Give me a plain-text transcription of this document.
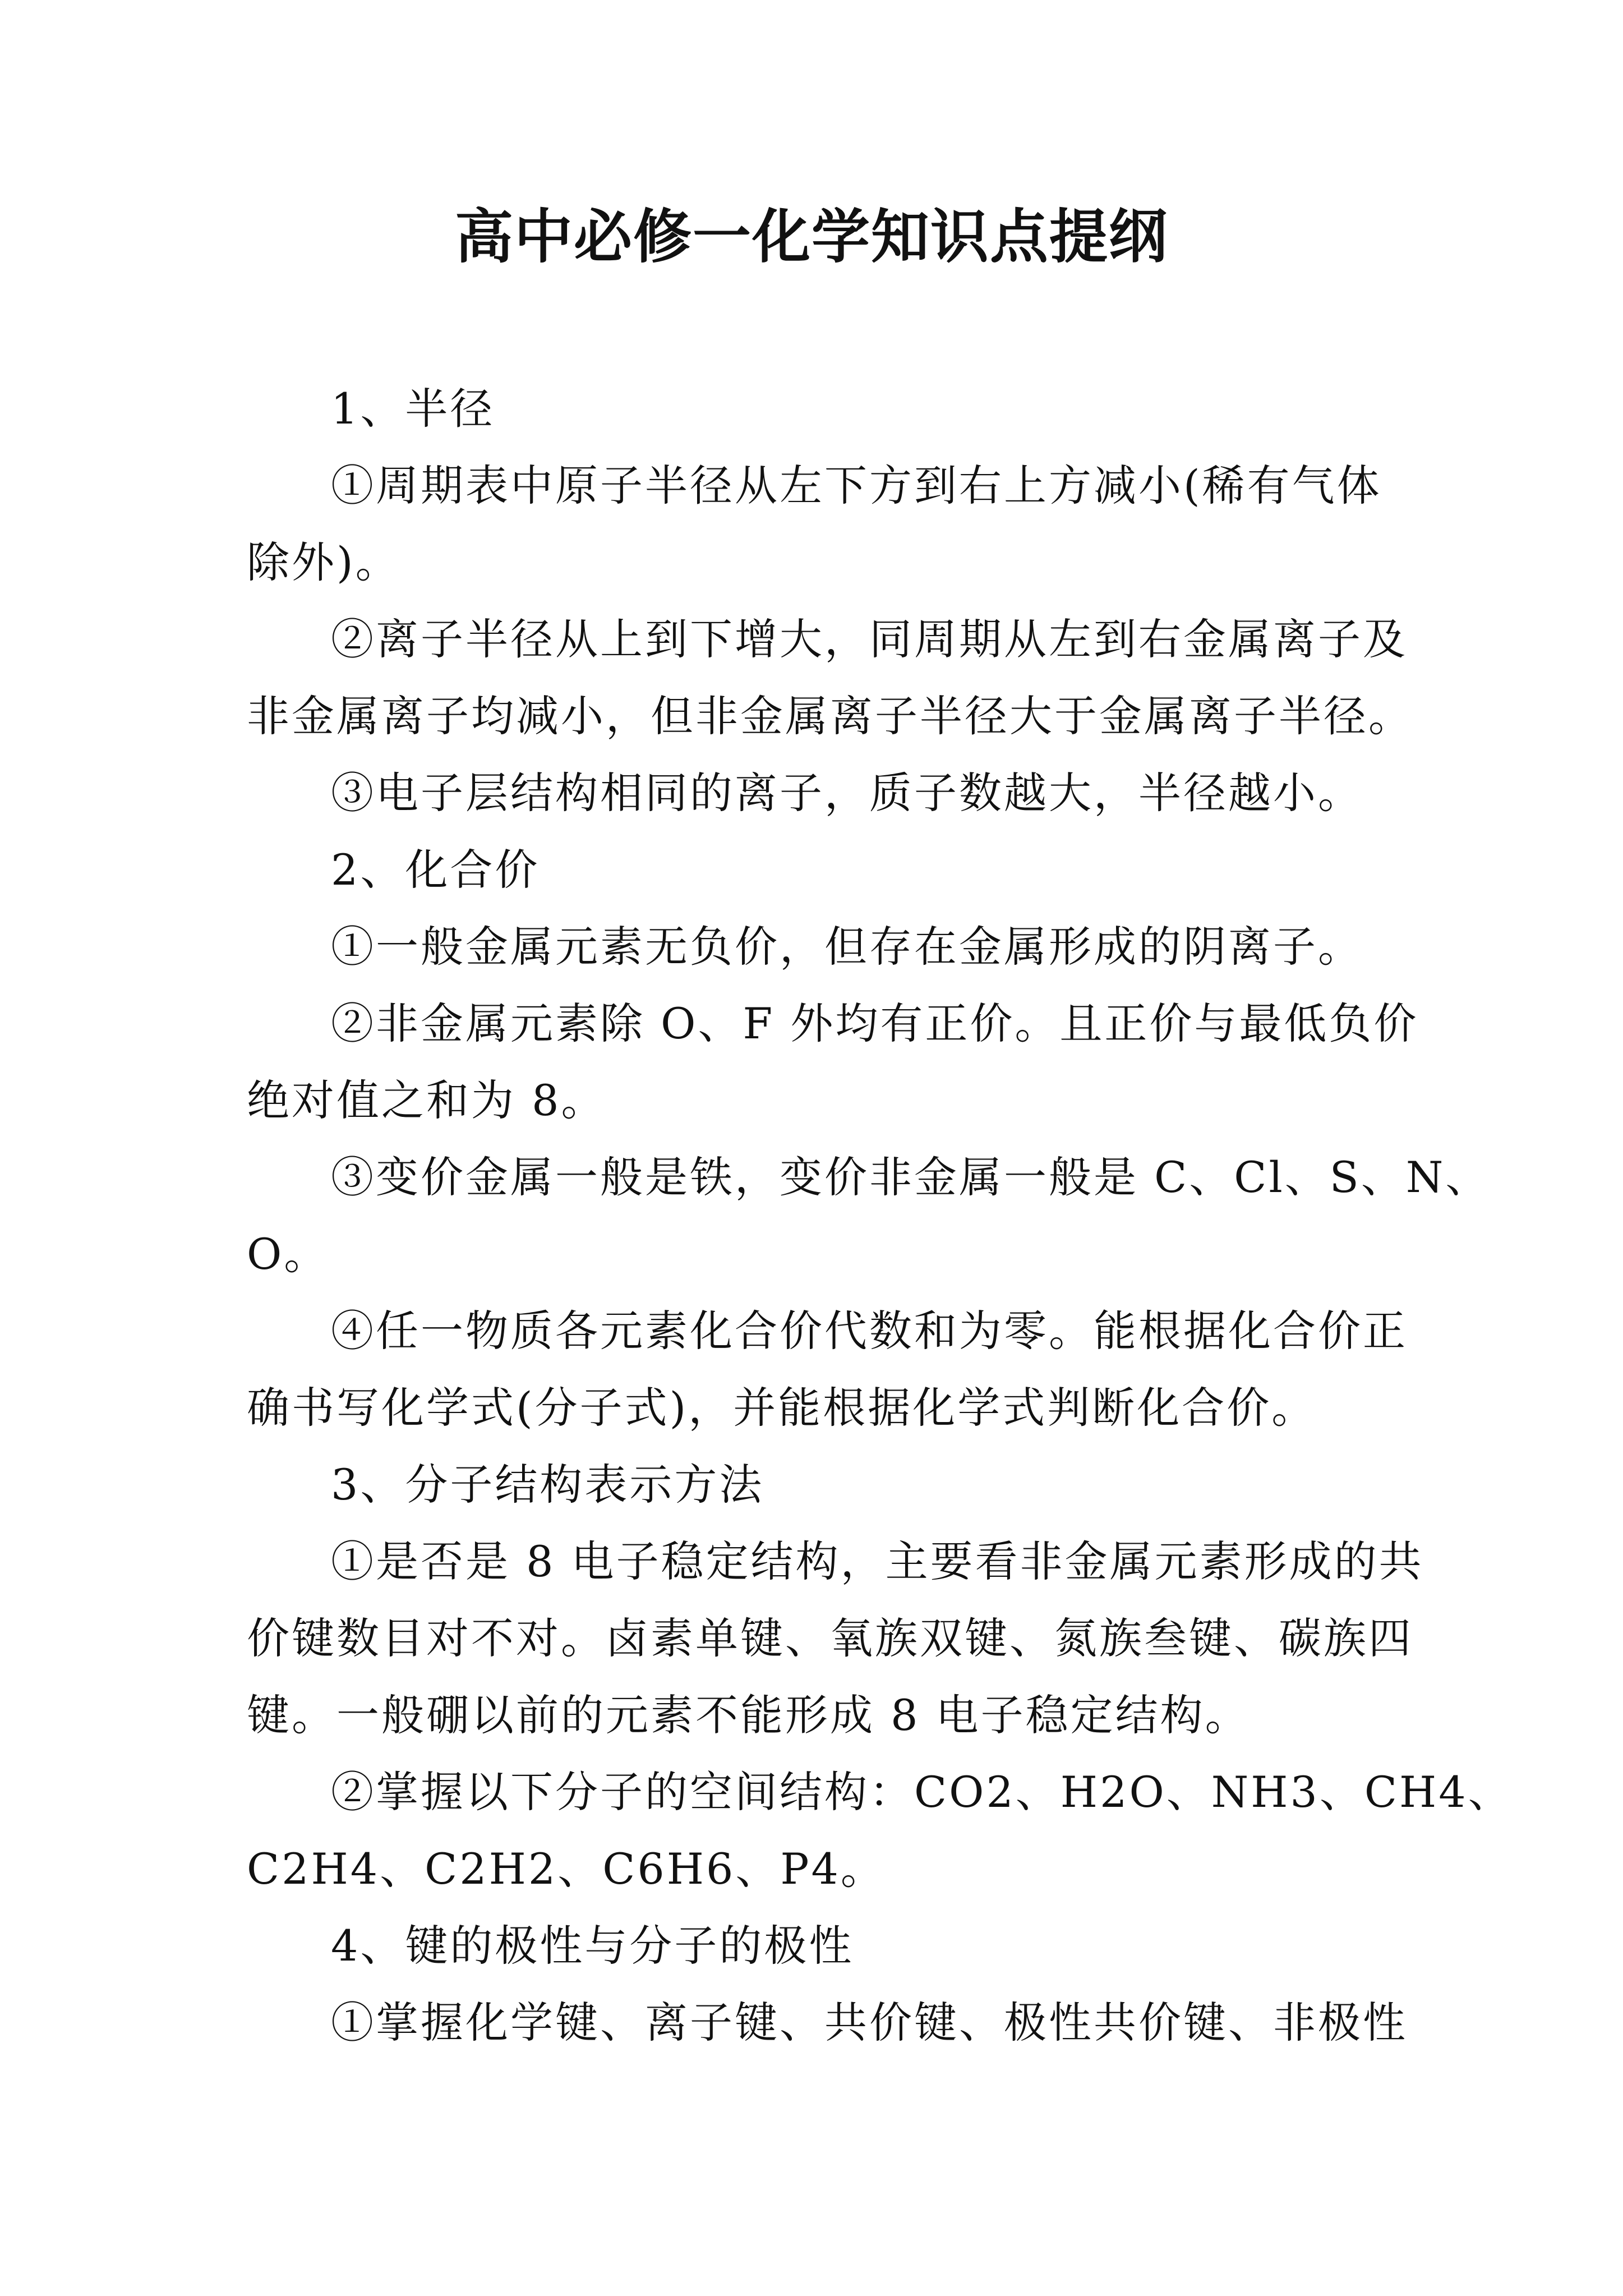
高中必修一化学知识点提纲
1、半径
①周期表中原子半径从左下方到右上方减小(稀有气体
除外)。
②离子半径从上到下增大，同周期从左到右金属离子及
非金属离子均减小，但非金属离子半径大于金属离子半径。
③电子层结构相同的离子，质子数越大，半径越小。
2、化合价
①一般金属元素无负价，但存在金属形成的阴离子。
②非金属元素除 O、F 外均有正价。且正价与最低负价
绝对值之和为 8。
③变价金属一般是铁，变价非金属一般是 C、Cl、S、N、
O。
④任一物质各元素化合价代数和为零。能根据化合价正
确书写化学式(分子式)，并能根据化学式判断化合价。
3、分子结构表示方法
①是否是 8 电子稳定结构，主要看非金属元素形成的共
价键数目对不对。卤素单键、氧族双键、氮族叁键、碳族四
键。一般硼以前的元素不能形成 8 电子稳定结构。
②掌握以下分子的空间结构：CO2、H2O、NH3、CH4、
C2H4、C2H2、C6H6、P4。
4、键的极性与分子的极性
①掌握化学键、离子键、共价键、极性共价键、非极性
